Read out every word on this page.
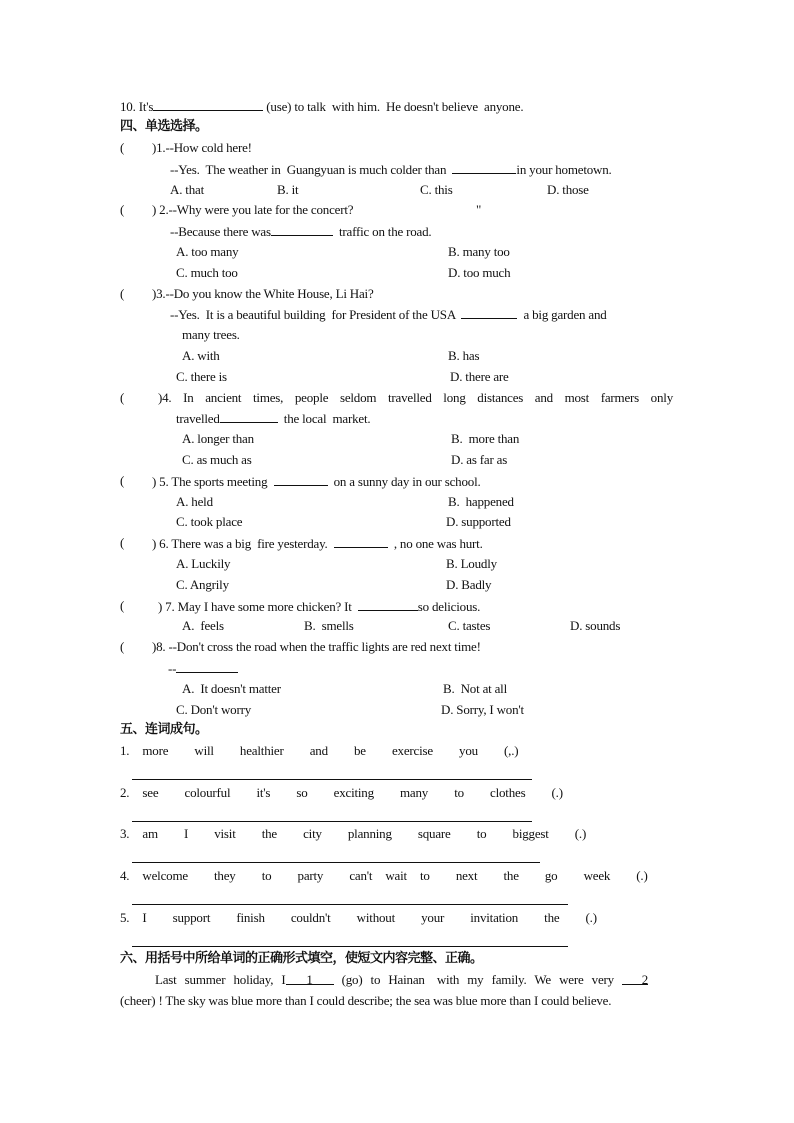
10. It's	(use) to talk  with him.  He doesn't believe  anyone.
四、单选选择。
( )1.--How cold here!
--Yes.  The weather in  Guangyuan is much colder than	in your hometown.
A. that	B. it	C. this	D. those
( ) 2.--Why were you late for the concert?	"
--Because there was	traffic on the road.
A. too many	B. many too
C. much too	D. too much
( )3.--Do you know the White House, Li Hai?
--Yes.  It is a beautiful building  for President of the USA	a big garden and
many trees.
A. with	B. has
C. there is	D. there are
(	)4. In ancient times, people seldom travelled long distances and most farmers only
travelled	the local  market.
A. longer than	B.  more than
C. as much as	D. as far as
( ) 5. The sports meeting	on a sunny day in our school.
A. held	B.  happened
C. took place	D. supported
( ) 6. There was a big  fire yesterday.	, no one was hurt.
A. Luckily	B. Loudly
C. Angrily	D. Badly
(	) 7. May I have some more chicken? It	so delicious.
A.  feels	B.  smells	C. tastes	D. sounds
( )8. --Don't cross the road when the traffic lights are red next time!
--
A.  It doesn't matter	B.  Not at all
C. Don't worry	D. Sorry, I won't
五、连词成句。
1. more  will  healthier  and  be  exercise  you  (,.)
2. see  colourful  it's  so  exciting  many  to  clothes  (.)
3. am  I  visit  the  city  planning  square  to  biggest  (.)
4. welcome  they  to  party  can't wait to  next  the  go  week  (.)
5. I  support  finish  couldn't  without  your  invitation  the  (.)
六、用括号中所给单词的正确形式填空，使短文内容完整、正确。
Last  summer  holiday,  I 1  (go)  to  Hainan   with  my  family.  We  were  very  2
(cheer) ! The sky was blue more than I could describe; the sea was blue more than I could believe.
